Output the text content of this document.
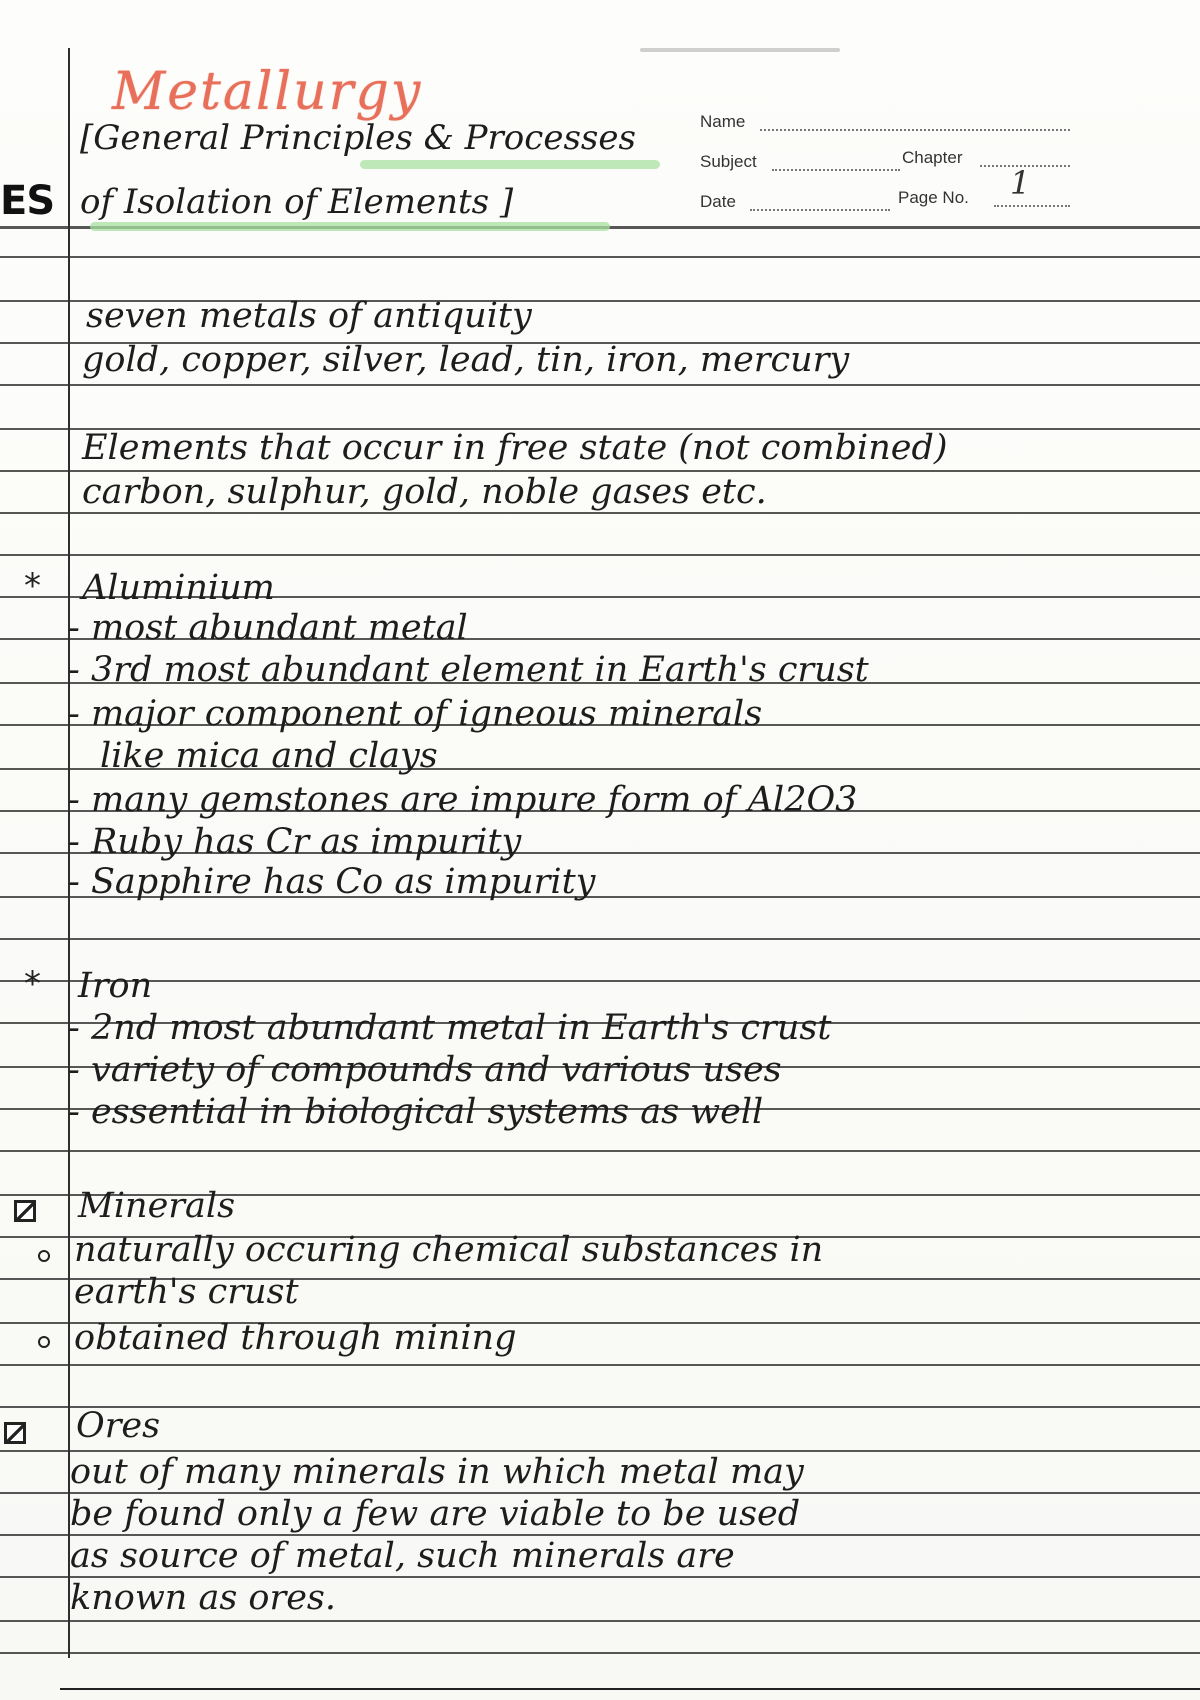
ES
Metallurgy
[General Principles & Processes
of Isolation of Elements ]
Name
Subject	Chapter
Date	Page No. 1
seven metals of antiquity
gold, copper, silver, lead, tin, iron, mercury
Elements that occur in free state (not combined)
carbon, sulphur, gold, noble gases etc.
* Aluminium
- most abundant metal
- 3rd most abundant element in Earth's crust
- major component of igneous minerals
like mica and clays
- many gemstones are impure form of Al2O3
- Ruby has Cr as impurity
- Sapphire has Co as impurity
* Iron
- 2nd most abundant metal in Earth's crust
- variety of compounds and various uses
- essential in biological systems as well
Minerals
naturally occuring chemical substances in
earth's crust
obtained through mining
Ores
out of many minerals in which metal may
be found only a few are viable to be used
as source of metal, such minerals are
known as ores.
